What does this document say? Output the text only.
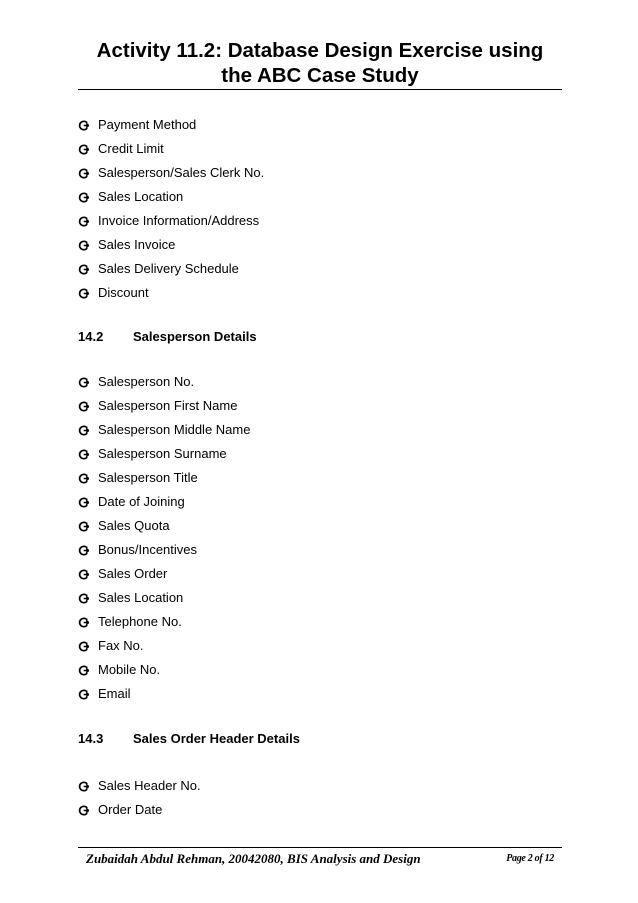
Activity 11.2: Database Design Exercise using
the ABC Case Study
Payment Method
Credit Limit
Salesperson/Sales Clerk No.
Sales Location
Invoice Information/Address
Sales Invoice
Sales Delivery Schedule
Discount
14.2	Salesperson Details
Salesperson No.
Salesperson First Name
Salesperson Middle Name
Salesperson Surname
Salesperson Title
Date of Joining
Sales Quota
Bonus/Incentives
Sales Order
Sales Location
Telephone No.
Fax No.
Mobile No.
Email
14.3	Sales Order Header Details
Sales Header No.
Order Date
Zubaidah Abdul Rehman, 20042080, BIS Analysis and Design	Page 2 of 12
